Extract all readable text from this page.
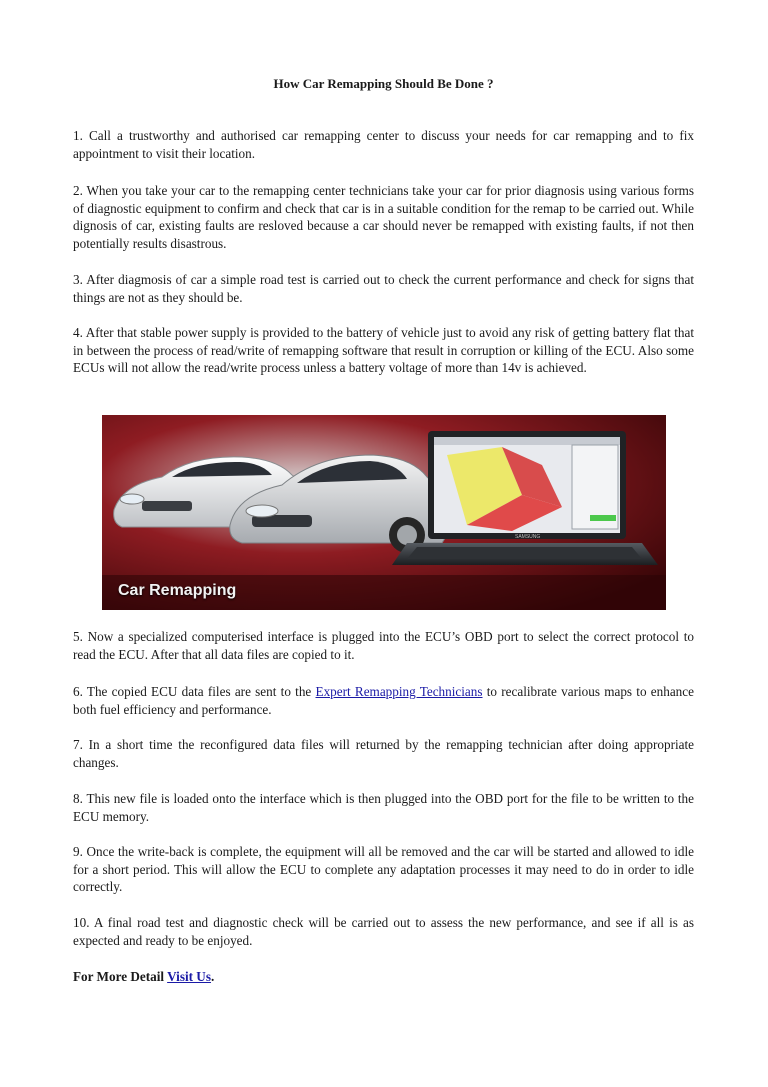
How Car Remapping Should Be Done ?

1. Call a trustworthy and authorised car remapping center to discuss your needs for car remapping and to fix appointment to visit their location.

2. When you take your car to the remapping center technicians take your car for prior diagnosis using various forms of diagnostic equipment to confirm and check that car is in a suitable condition for the remap to be carried out. While dignosis of car, existing faults are resloved because a car should never be remapped with existing faults, if not then potentially results disastrous.

3. After diagmosis of car a simple road test is carried out to check the current performance and check for signs that things are not as they should be.

4. After that stable power supply is provided to the battery of vehicle just to avoid any risk of getting battery flat that in between the process of read/write of remapping software that result in corruption or killing of the ECU. Also some ECUs will not allow the read/write process unless a battery voltage of more than 14v is achieved.

SAMSUNG
Car Remapping

5. Now a specialized computerised interface is plugged into the ECU’s OBD port to select the correct protocol to read the ECU. After that all data files are copied to it.

6. The copied ECU data files are sent to the Expert Remapping Technicians to recalibrate various maps to enhance both fuel efficiency and performance.

7. In a short time the reconfigured data files will returned by the remapping technician after doing appropriate changes.

8. This new file is loaded onto the interface which is then plugged into the OBD port for the file to be written to the ECU memory.

9. Once the write-back is complete, the equipment will all be removed and the car will be started and allowed to idle for a short period. This will allow the ECU to complete any adaptation processes it may need to do in order to idle correctly.

10. A final road test and diagnostic check will be carried out to assess the new performance, and see if all is as expected and ready to be enjoyed.

For More Detail Visit Us.
